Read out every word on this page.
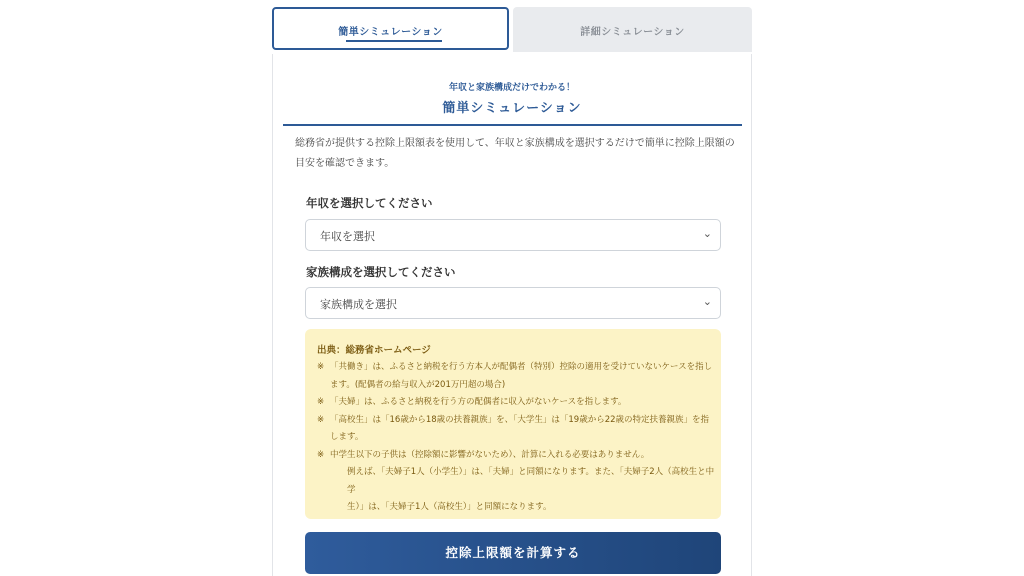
簡単シミュレーション	詳細シミュレーション
年収と家族構成だけでわかる！
簡単シミュレーション
総務省が提供する控除上限額表を使用して、年収と家族構成を選択するだけで簡単に控除上限額の目安を確認できます。
年収を選択してください
年収を選択	⌄
家族構成を選択してください
家族構成を選択	⌄
出典：総務省ホームページ
※ 「共働き」は、ふるさと納税を行う方本人が配偶者（特別）控除の適用を受けていないケースを指し
ます。(配偶者の給与収入が201万円超の場合)
※ 「夫婦」は、ふるさと納税を行う方の配偶者に収入がないケースを指します。
※ 「高校生」は「16歳から18歳の扶養親族」を、「大学生」は「19歳から22歳の特定扶養親族」を指
します。
※ 中学生以下の子供は（控除額に影響がないため）、計算に入れる必要はありません。
例えば、「夫婦子1人（小学生）」は、「夫婦」と同額になります。また、「夫婦子2人（高校生と中学
生）」は、「夫婦子1人（高校生）」と同額になります。
控除上限額を計算する
